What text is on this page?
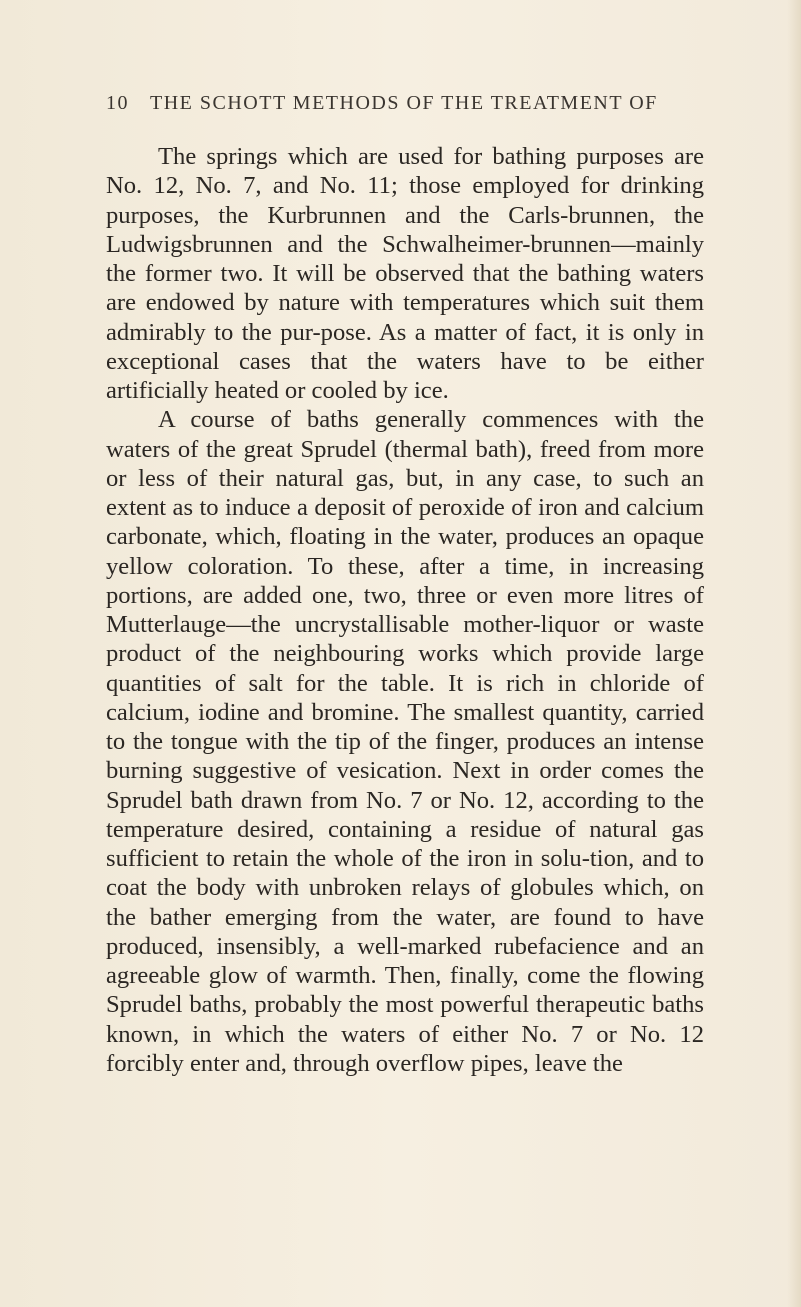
10 THE SCHOTT METHODS OF THE TREATMENT OF

The springs which are used for bathing purposes are No. 12, No. 7, and No. 11; those employed for drinking purposes, the Kurbrunnen and the Carls-brunnen, the Ludwigsbrunnen and the Schwalheimer-brunnen—mainly the former two. It will be observed that the bathing waters are endowed by nature with temperatures which suit them admirably to the pur-pose. As a matter of fact, it is only in exceptional cases that the waters have to be either artificially heated or cooled by ice.

A course of baths generally commences with the waters of the great Sprudel (thermal bath), freed from more or less of their natural gas, but, in any case, to such an extent as to induce a deposit of peroxide of iron and calcium carbonate, which, floating in the water, produces an opaque yellow coloration. To these, after a time, in increasing portions, are added one, two, three or even more litres of Mutterlauge—the uncrystallisable mother-liquor or waste product of the neighbouring works which provide large quantities of salt for the table. It is rich in chloride of calcium, iodine and bromine. The smallest quantity, carried to the tongue with the tip of the finger, produces an intense burning suggestive of vesication. Next in order comes the Sprudel bath drawn from No. 7 or No. 12, according to the temperature desired, containing a residue of natural gas sufficient to retain the whole of the iron in solu-tion, and to coat the body with unbroken relays of globules which, on the bather emerging from the water, are found to have produced, insensibly, a well-marked rubefacience and an agreeable glow of warmth. Then, finally, come the flowing Sprudel baths, probably the most powerful therapeutic baths known, in which the waters of either No. 7 or No. 12 forcibly enter and, through overflow pipes, leave the
